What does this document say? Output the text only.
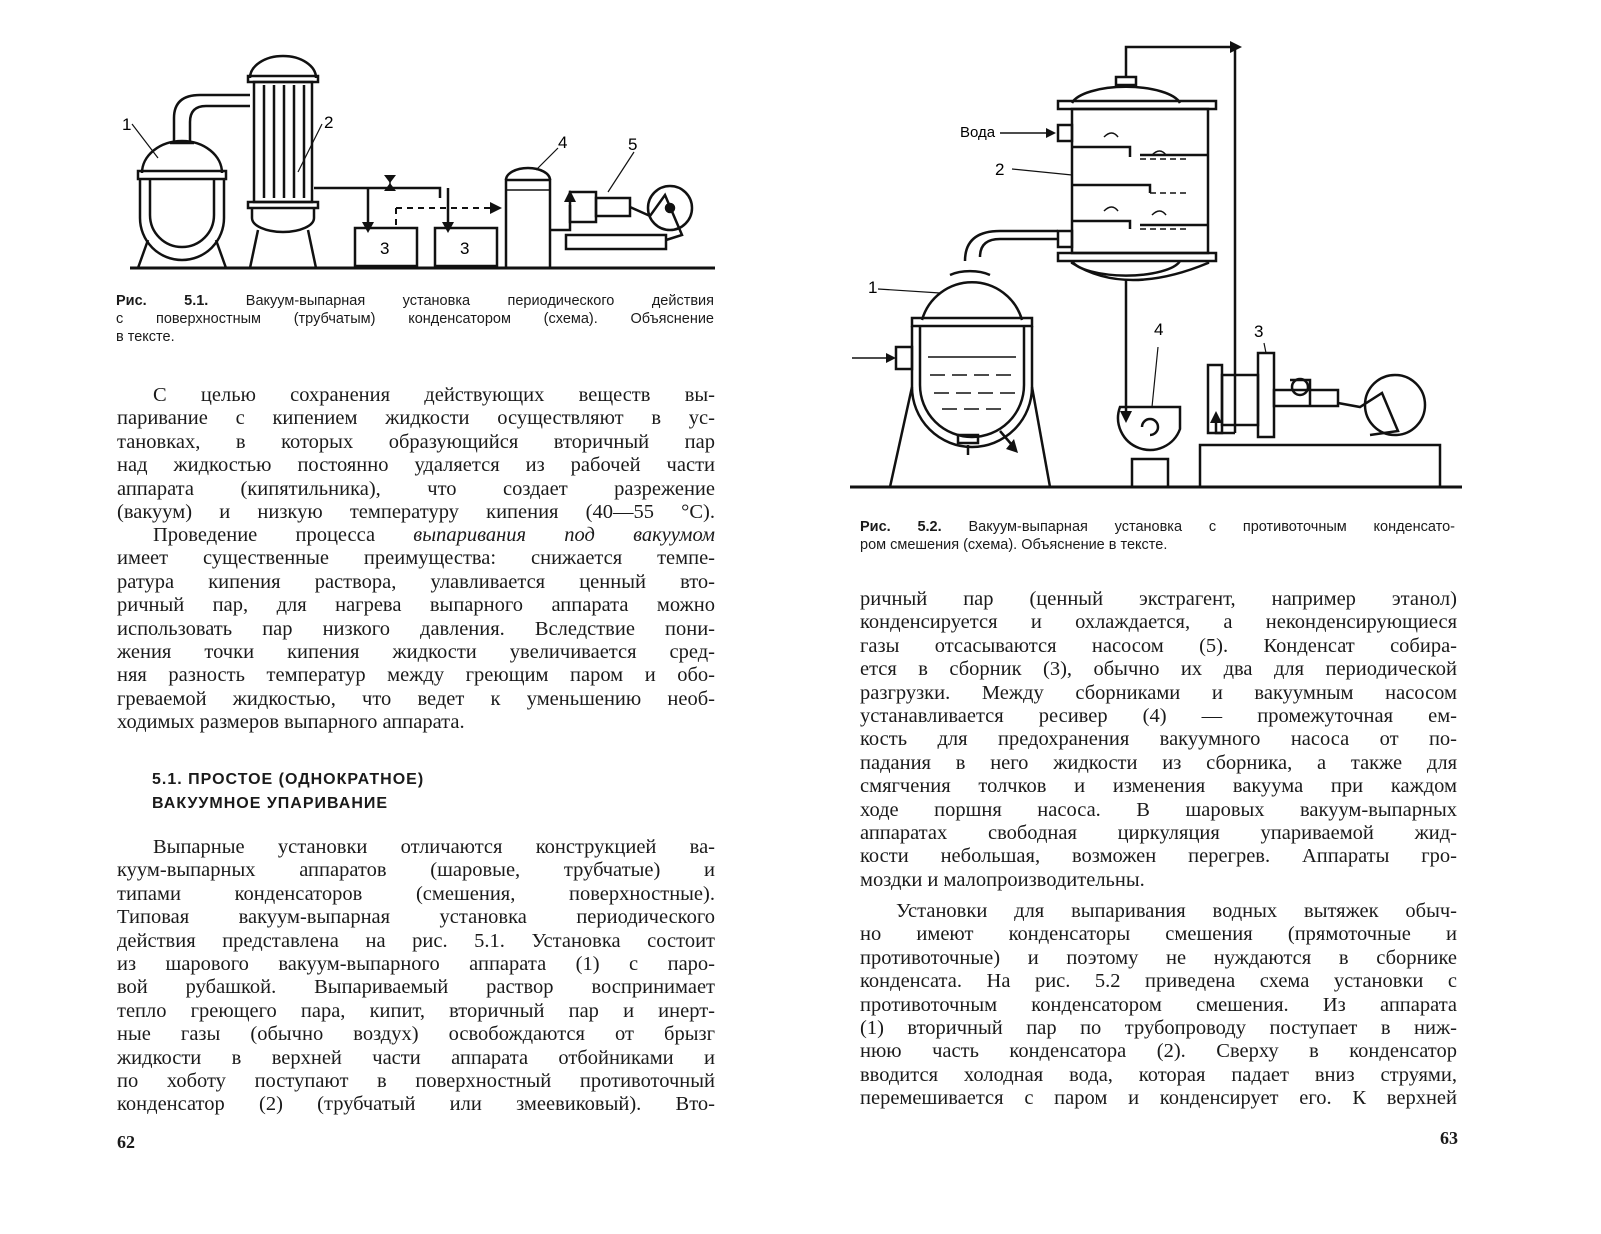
1	2
3	3
4	5
Рис. 5.1.	Вакуум-выпарная установка периодического действия
с поверхностным (трубчатым) конденсатором (схема). Объяснение
в тексте.
С целью сохранения действующих веществ вы-
паривание с кипением жидкости осуществляют в ус-
тановках, в которых образующийся вторичный пар
над жидкостью постоянно удаляется из рабочей части
аппарата (кипятильника), что создает разрежение
(вакуум) и низкую температуру кипения (40—55 °С).
Проведение процесса выпаривания под вакуумом
имеет существенные преимущества: снижается темпе-
ратура кипения раствора, улавливается ценный вто-
ричный пар, для нагрева выпарного аппарата можно
использовать пар низкого давления. Вследствие пони-
жения точки кипения жидкости увеличивается сред-
няя разность температур между греющим паром и обо-
греваемой жидкостью, что ведет к уменьшению необ-
ходимых размеров выпарного аппарата.
5.1. ПРОСТОЕ (ОДНОКРАТНОЕ)
ВАКУУМНОЕ УПАРИВАНИЕ
Выпарные установки отличаются конструкцией ва-
куум-выпарных аппаратов (шаровые, трубчатые) и
типами конденсаторов (смешения, поверхностные).
Типовая вакуум-выпарная установка периодического
действия представлена на рис. 5.1. Установка состоит
из шарового вакуум-выпарного аппарата (1) с паро-
вой рубашкой. Выпариваемый раствор воспринимает
тепло греющего пара, кипит, вторичный пар и инерт-
ные газы (обычно воздух) освобождаются от брызг
жидкости в верхней части аппарата отбойниками и
по хоботу поступают в поверхностный противоточный
конденсатор (2) (трубчатый или змеевиковый). Вто-
62
Вода
1
2
3
4
Рис. 5.2. Вакуум-выпарная установка с противоточным конденсато-
ром смешения (схема). Объяснение в тексте.
ричный пар (ценный экстрагент, например этанол)
конденсируется и охлаждается, а неконденсирующиеся
газы отсасываются насосом (5). Конденсат собира-
ется в сборник (3), обычно их два для периодической
разгрузки. Между сборниками и вакуумным насосом
устанавливается ресивер (4) — промежуточная ем-
кость для предохранения вакуумного насоса от по-
падания в него жидкости из сборника, а также для
смягчения толчков и изменения вакуума при каждом
ходе поршня насоса. В шаровых вакуум-выпарных
аппаратах свободная циркуляция упариваемой жид-
кости небольшая, возможен перегрев. Аппараты гро-
моздки и малопроизводительны.
Установки для выпаривания водных вытяжек обыч-
но имеют конденсаторы смешения (прямоточные и
противоточные) и поэтому не нуждаются в сборнике
конденсата. На рис. 5.2 приведена схема установки с
противоточным конденсатором смешения. Из аппарата
(1) вторичный пар по трубопроводу поступает в ниж-
нюю часть конденсатора (2). Сверху в конденсатор
вводится холодная вода, которая падает вниз струями,
перемешивается с паром и конденсирует его. К верхней
63
